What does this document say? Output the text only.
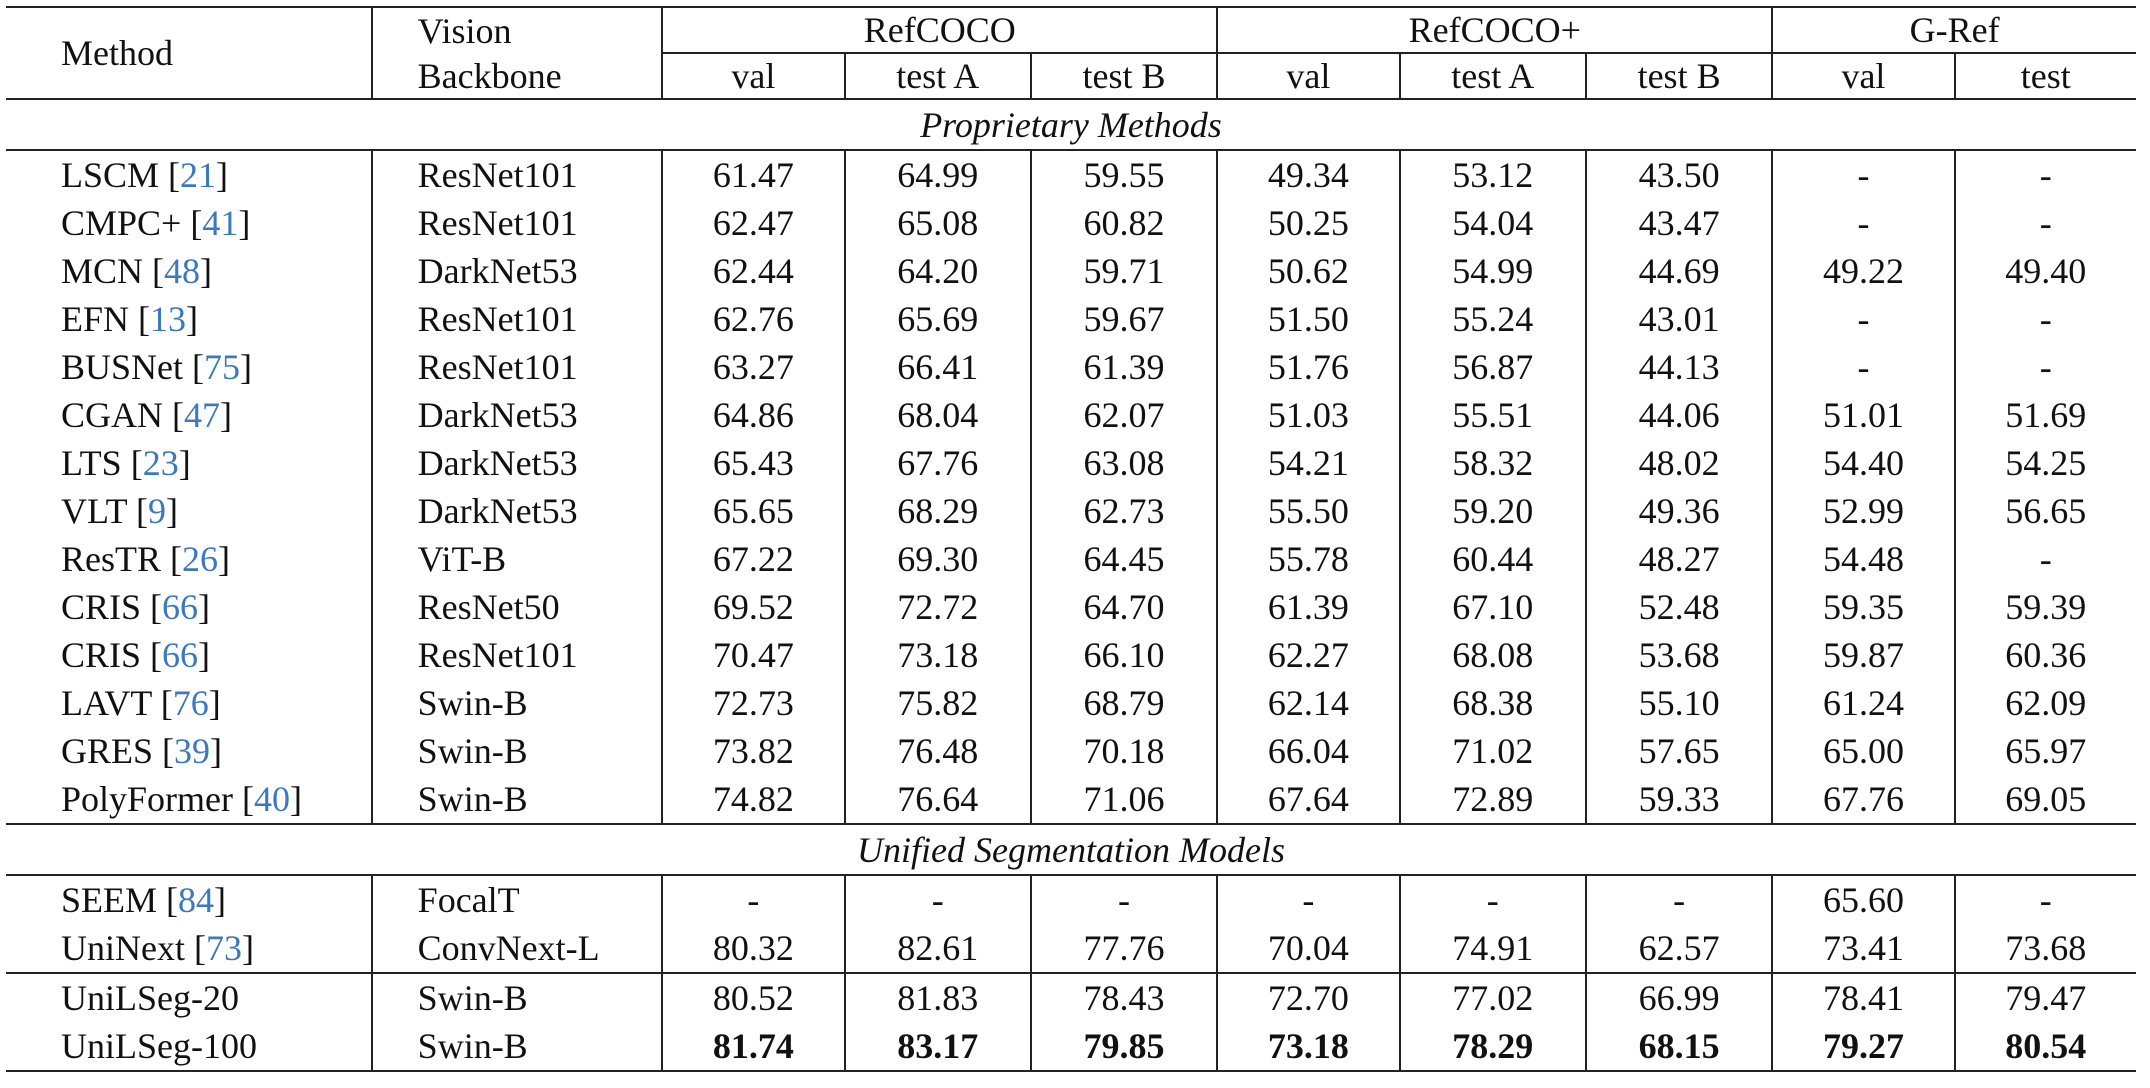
Method	Vision	RefCOCO			RefCOCO+			G-Ref	
	Backbone	val	test A	test B	val	test A	test B	val	test
Proprietary Methods									
LSCM [21]	ResNet101	61.47	64.99	59.55	49.34	53.12	43.50	-	-
CMPC+ [41]	ResNet101	62.47	65.08	60.82	50.25	54.04	43.47	-	-
MCN [48]	DarkNet53	62.44	64.20	59.71	50.62	54.99	44.69	49.22	49.40
EFN [13]	ResNet101	62.76	65.69	59.67	51.50	55.24	43.01	-	-
BUSNet [75]	ResNet101	63.27	66.41	61.39	51.76	56.87	44.13	-	-
CGAN [47]	DarkNet53	64.86	68.04	62.07	51.03	55.51	44.06	51.01	51.69
LTS [23]	DarkNet53	65.43	67.76	63.08	54.21	58.32	48.02	54.40	54.25
VLT [9]	DarkNet53	65.65	68.29	62.73	55.50	59.20	49.36	52.99	56.65
ResTR [26]	ViT-B	67.22	69.30	64.45	55.78	60.44	48.27	54.48	-
CRIS [66]	ResNet50	69.52	72.72	64.70	61.39	67.10	52.48	59.35	59.39
CRIS [66]	ResNet101	70.47	73.18	66.10	62.27	68.08	53.68	59.87	60.36
LAVT [76]	Swin-B	72.73	75.82	68.79	62.14	68.38	55.10	61.24	62.09
GRES [39]	Swin-B	73.82	76.48	70.18	66.04	71.02	57.65	65.00	65.97
PolyFormer [40]	Swin-B	74.82	76.64	71.06	67.64	72.89	59.33	67.76	69.05
Unified Segmentation Models									
SEEM [84]	FocalT	-	-	-	-	-	-	65.60	-
UniNext [73]	ConvNext-L	80.32	82.61	77.76	70.04	74.91	62.57	73.41	73.68
UniLSeg-20	Swin-B	80.52	81.83	78.43	72.70	77.02	66.99	78.41	79.47
UniLSeg-100	Swin-B	81.74	83.17	79.85	73.18	78.29	68.15	79.27	80.54
